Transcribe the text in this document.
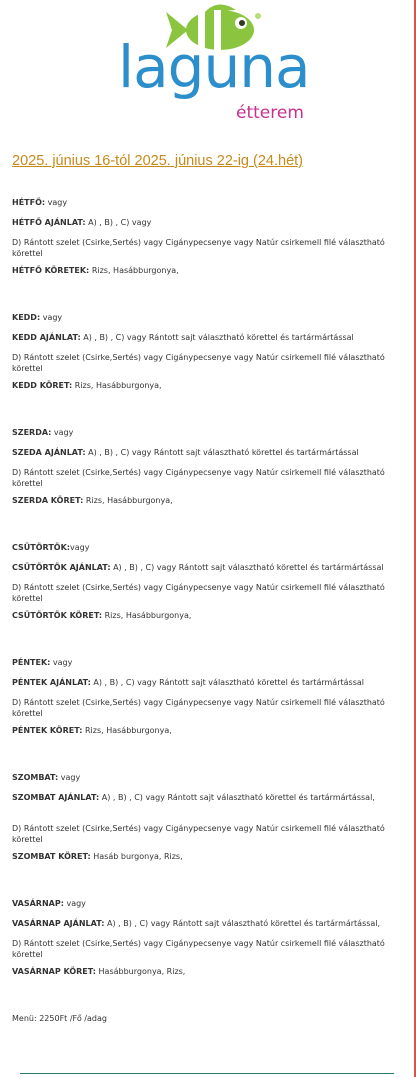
laguna
étterem
2025. június 16-tól 2025. június 22-ig (24.hét)

HÉTFŐ: vagy

HÉTFŐ AJÁNLAT: A) , B) , C) vagy

D) Rántott szelet (Csirke,Sertés) vagy Cigánypecsenye vagy Natúr csirkemell filé választható körettel

HÉTFŐ KÖRETEK: Rizs, Hasábburgonya,

KEDD: vagy

KEDD AJÁNLAT: A) , B) , C) vagy Rántott sajt választható körettel és tartármártással

D) Rántott szelet (Csirke,Sertés) vagy Cigánypecsenye vagy Natúr csirkemell filé választható körettel

KEDD KÖRET: Rizs, Hasábburgonya,

SZERDA: vagy

SZEDA AJÁNLAT: A) , B) , C) vagy Rántott sajt választható körettel és tartármártással

D) Rántott szelet (Csirke,Sertés) vagy Cigánypecsenye vagy Natúr csirkemell filé választható körettel

SZERDA KÖRET: Rizs, Hasábburgonya,

CSÜTÖRTÖK:vagy

CSÜTÖRTÖK AJÁNLAT: A) , B) , C) vagy Rántott sajt választható körettel és tartármártással

D) Rántott szelet (Csirke,Sertés) vagy Cigánypecsenye vagy Natúr csirkemell filé választható körettel

CSÜTÖRTÖK KÖRET: Rizs, Hasábburgonya,

PÉNTEK: vagy

PÉNTEK AJÁNLAT: A) , B) , C) vagy Rántott sajt választható körettel és tartármártással

D) Rántott szelet (Csirke,Sertés) vagy Cigánypecsenye vagy Natúr csirkemell filé választható körettel

PÉNTEK KÖRET: Rizs, Hasábburgonya,

SZOMBAT: vagy

SZOMBAT AJÁNLAT: A) , B) , C) vagy Rántott sajt választható körettel és tartármártással,

D) Rántott szelet (Csirke,Sertés) vagy Cigánypecsenye vagy Natúr csirkemell filé választható körettel

SZOMBAT KÖRET: Hasáb burgonya, Rizs,

VASÁRNAP: vagy

VASÁRNAP AJÁNLAT: A) , B) , C) vagy Rántott sajt választható körettel és tartármártással,

D) Rántott szelet (Csirke,Sertés) vagy Cigánypecsenye vagy Natúr csirkemell filé választható körettel

VASÁRNAP KÖRET: Hasábburgonya, Rizs,

Menü: 2250Ft /Fő /adag
